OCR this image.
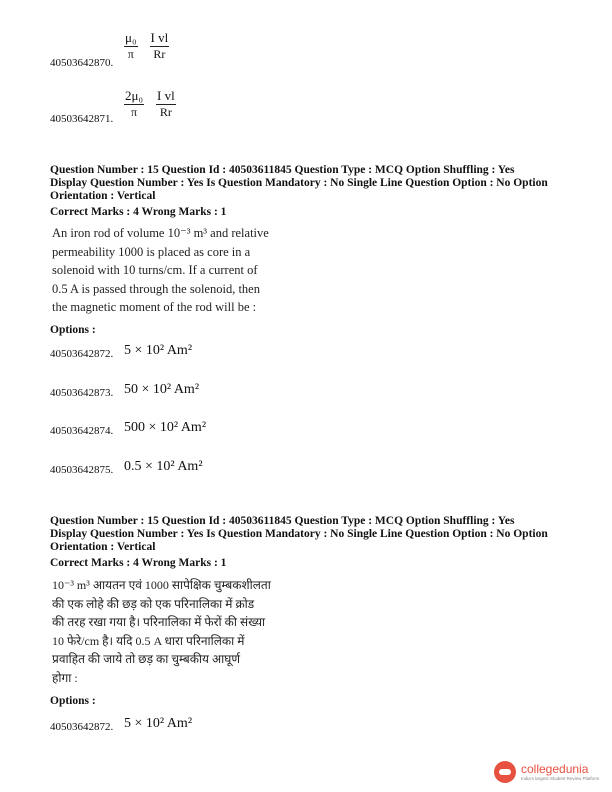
$\frac{\text{μ₀}}{\pi}$
$\frac{\text{I vl}}{Rr}$
40503642870.
$\frac{\text{2μ₀}}{\pi}$
$\frac{\text{I vl}}{Rr}$
40503642871.
Question Number : 15 Question Id : 40503611845 Question Type : MCQ Option Shuffling : Yes
Display Question Number : Yes Is Question Mandatory : No Single Line Question Option : No Option
Orientation : Vertical
Correct Marks : 4 Wrong Marks : 1
An iron rod of volume 10⁻³ m³ and relative
permeability 1000 is placed as core in a
solenoid with 10 turns/cm. If a current of
0.5 A is passed through the solenoid, then
the magnetic moment of the rod will be :
Options :
40503642872. 5 × 10² Am²
40503642873. 50 × 10² Am²
40503642874. 500 × 10² Am²
40503642875. 0.5 × 10² Am²
Question Number : 15 Question Id : 40503611845 Question Type : MCQ Option Shuffling : Yes
Display Question Number : Yes Is Question Mandatory : No Single Line Question Option : No Option
Orientation : Vertical
Correct Marks : 4 Wrong Marks : 1
10⁻³ m³ आयतन एवं 1000 सापेक्षिक चुम्बकशीलता
की एक लोहे की छड़ को एक परिनालिका में क्रोड
की तरह रखा गया है। परिनालिका में फेरों की संख्या
10 फेरे/cm है। यदि 0.5 A धारा परिनालिका में
प्रवाहित की जाये तो छड़ का चुम्बकीय आघूर्ण
होगा :
Options :
40503642872. 5 × 10² Am²
collegedunia
India's largest Student Review Platform
